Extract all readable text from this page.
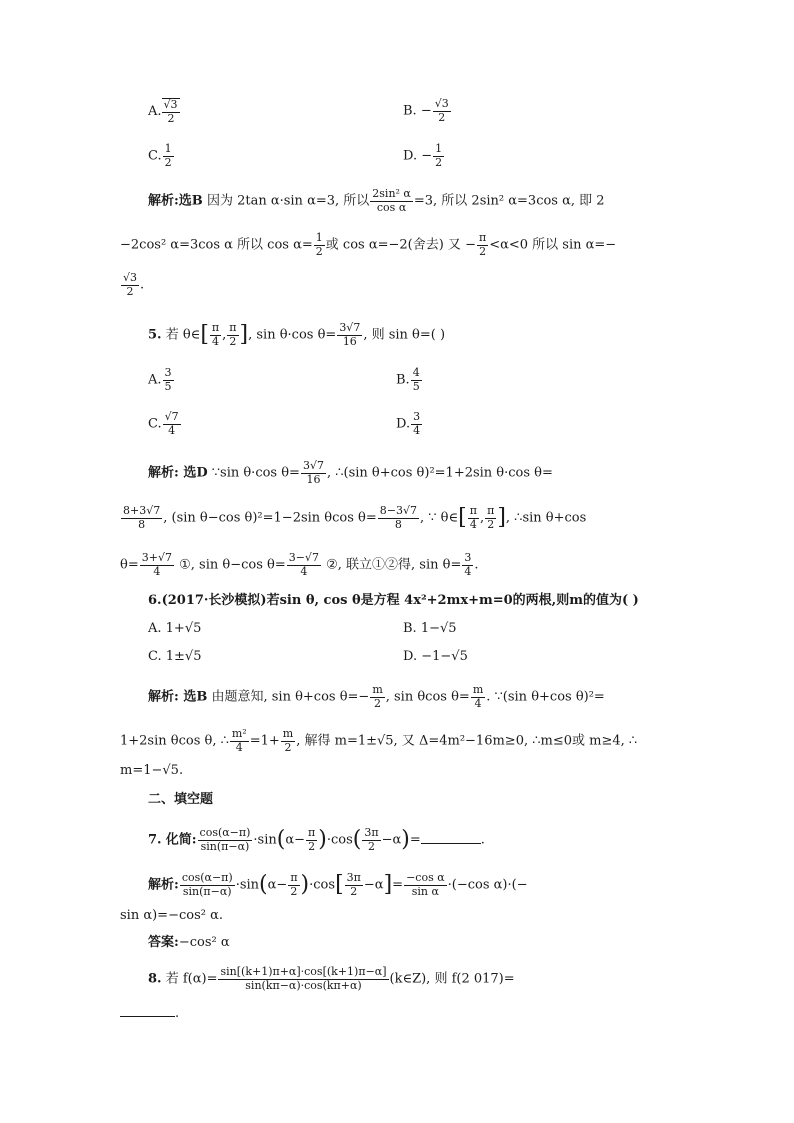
A. $\frac{√3}{2}$	B. − $\frac{√3}{2}$
C. $\frac{1}{2}$	D. − $\frac{1}{2}$
解析:选B 因为 2tan α·sin α=3, 所以 $\frac{\text{2sin² α}}{\text{cos α}} =3$, 所以 2sin² α=3cos α, 即 2
−2cos² α=3cos α 所以 $\cos \alpha= \frac{1}{2}$ 或 cos α=−2(舍去) 又 − $\frac{\pi}{2} <\alpha<0$ 所以 sin α=−
$\frac{√3}{2}$ .
5. 若 θ∈[ $\frac{\pi}{4}$ , $\frac{\pi}{2}$ ], sin θ·cos $\theta= \frac{3√7}{16}$ , 则 sin θ=( )
A. $\frac{3}{5}$	B. $\frac{4}{5}$
C. $\frac{√7}{4}$	D. $\frac{3}{4}$
解析: 选D ∵sin θ·cos $\theta= \frac{3√7}{16}$ , ∴(sin θ+cos θ)²=1+2sin θ·cos θ=
$\frac{8+3√7}{8}$ , (sin θ−cos θ)²=1−2sin θcos $\theta= \frac{8-3√7}{8}$ , ∵ θ∈[ $\frac{\pi}{4}$ , $\frac{\pi}{2}$ ], ∴sin θ+cos
$\theta= \frac{3+√7}{4}$ ①, sin θ−cos $\theta= \frac{3-√7}{4}$ ②, 联立①②得, $\sin \theta= \frac{3}{4}$ .
6.(2017·长沙模拟)若sin θ, cos θ是方程 4x²+2mx+m=0的两根,则m的值为( )
A. 1+√5	B. 1−√5
C. 1±√5	D. −1−√5
解析: 选B 由题意知, sin θ+cos $\theta=- \frac{m}{2}$ , sin θcos $\theta= \frac{m}{4}$ . ∵(sin θ+cos θ)²=
1+2sin θcos θ, ∴ $\frac{\text{m²}}{4} =1+ \frac{m}{2}$ , 解得 m=1±√5, 又 Δ=4m²−16m≥0, ∴m≤0或 m≥4, ∴
m=1−√5.
二、填空题
7. 化简: $\frac{\cos(\alpha-\pi)}{\sin(\pi-\alpha)} \cdot\sin(\alpha- \frac{\pi}{2} )\cdot\cos( \frac{3\pi}{2} -\alpha)=$	.
解析: $\frac{\cos(\alpha-\pi)}{\sin(\pi-\alpha)} \cdot\sin(\alpha- \frac{\pi}{2} )\cdot\cos[ \frac{3\pi}{2} -\alpha]= \frac{\text{−cos α}}{\text{sin α}} \cdot(-\cos$ α)·(−
sin α)=−cos² α.
答案:−cos² α
8. 若 $f(\alpha)= \frac{\sin[(k+1)\pi+\alpha]\cdot\cos[(k+1)\pi-\alpha]}{\sin(k\pi-\alpha)\cdot\cos(k\pi+\alpha)}$ (k∈Z), 则 f(2 017)=
.
